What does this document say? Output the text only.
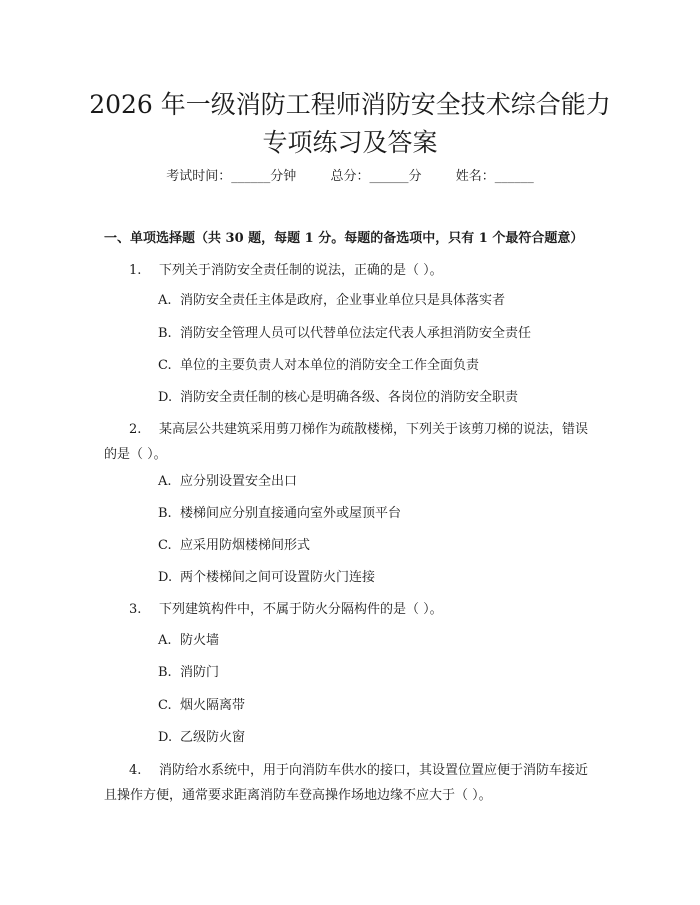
2026 年一级消防工程师消防安全技术综合能力专项练习及答案
考试时间：______分钟	总分：______分	姓名：______
一、单项选择题（共 30 题，每题 1 分。每题的备选项中，只有 1 个最符合题意）
1. 下列关于消防安全责任制的说法，正确的是（ ）。
A. 消防安全责任主体是政府，企业事业单位只是具体落实者
B. 消防安全管理人员可以代替单位法定代表人承担消防安全责任
C. 单位的主要负责人对本单位的消防安全工作全面负责
D. 消防安全责任制的核心是明确各级、各岗位的消防安全职责
2. 某高层公共建筑采用剪刀梯作为疏散楼梯，下列关于该剪刀梯的说法，错误的是（ ）。
A. 应分别设置安全出口
B. 楼梯间应分别直接通向室外或屋顶平台
C. 应采用防烟楼梯间形式
D. 两个楼梯间之间可设置防火门连接
3. 下列建筑构件中，不属于防火分隔构件的是（ ）。
A. 防火墙
B. 消防门
C. 烟火隔离带
D. 乙级防火窗
4. 消防给水系统中，用于向消防车供水的接口，其设置位置应便于消防车接近且操作方便，通常要求距离消防车登高操作场地边缘不应大于（ ）。
